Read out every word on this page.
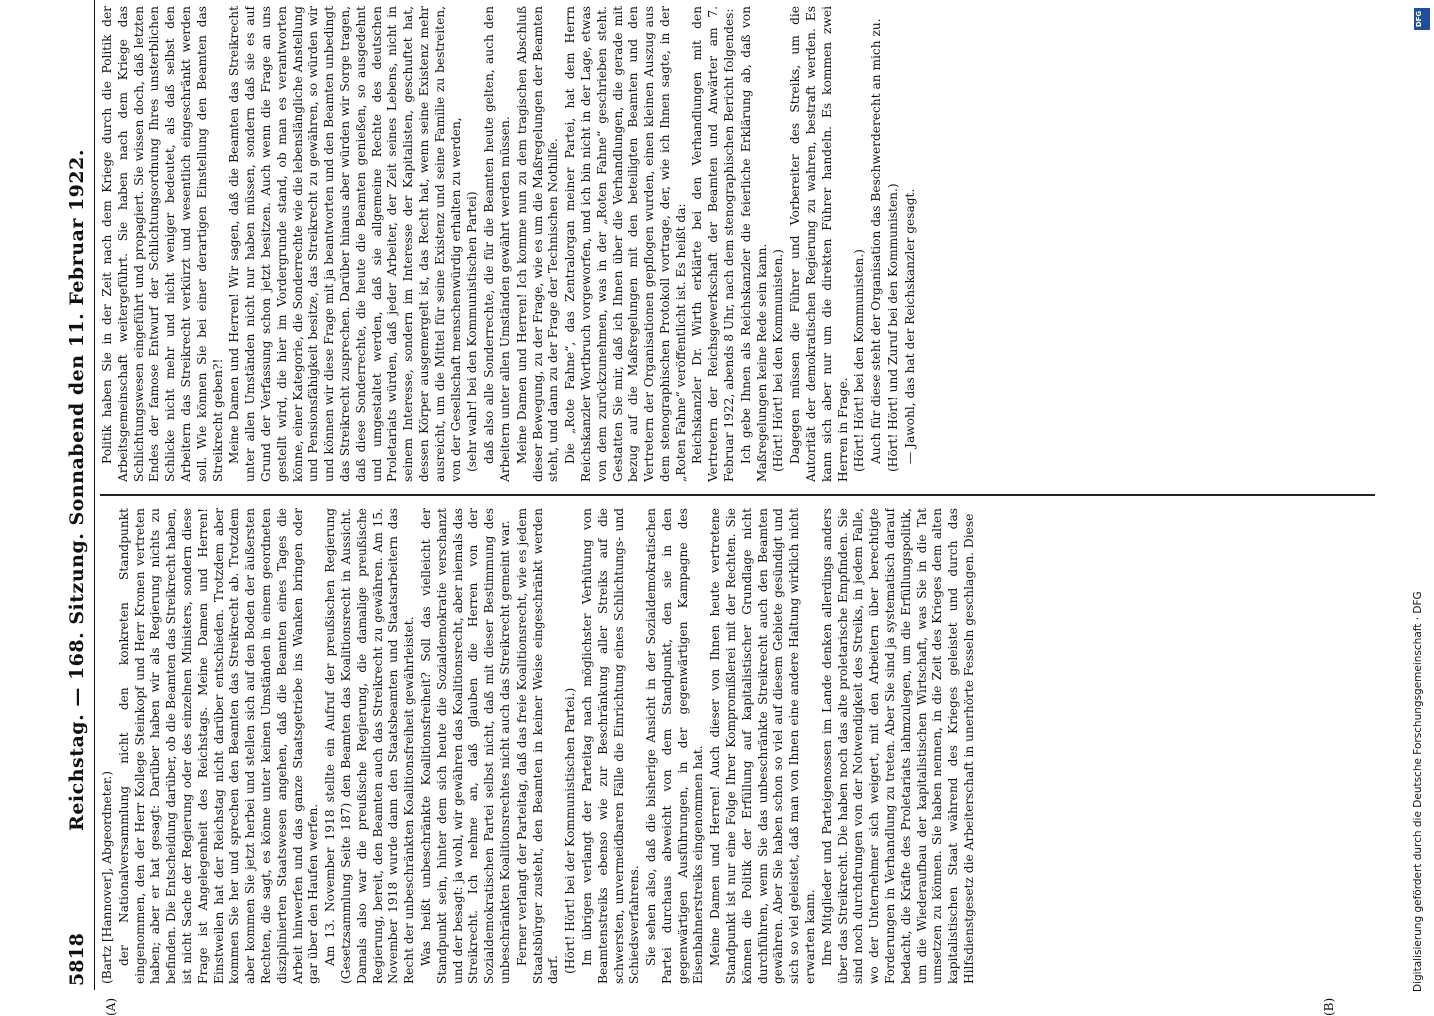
5818
Reichstag. — 168. Sitzung. Sonnabend den 11. Februar 1922.
(A)	(B)

(Bartz [Hannover], Abgeordneter.) der Nationalversammlung nicht den konkreten Standpunkt eingenommen, den der Herr Kollege Steinkopf und Herr Kronen vertreten haben; aber er hat gesagt: Darüber haben wir als Regierung nichts zu befinden. Die Entscheidung darüber, ob die Beamten das Streikrecht haben, ist nicht Sache der Regierung oder des einzelnen Ministers, sondern diese Frage ist Angelegenheit des Reichstags. Meine Damen und Herren! Einstweilen hat der Reichstag nicht darüber entschieden. Trotzdem aber kommen Sie her und sprechen den Beamten das Streikrecht ab. Trotzdem aber kommen Sie jetzt herbei und stellen sich auf den Boden der äußersten Rechten, die sagt, es könne unter keinen Umständen in einem geordneten disziplinierten Staatswesen angehen, daß die Beamten eines Tages die Arbeit hinwerfen und das ganze Staatsgetriebe ins Wanken bringen oder gar über den Haufen werfen. Am 13. November 1918 stellte ein Aufruf der preußischen Regierung (Gesetzsammlung Seite 187) den Beamten das Koalitionsrecht in Aussicht. Damals also war die preußische Regierung, die damalige preußische Regierung, bereit, den Beamten auch das Streikrecht zu gewähren. Am 15. November 1918 wurde dann den Staatsbeamten und Staatsarbeitern das Recht der unbeschränkten Koalitionsfreiheit gewährleistet. Was heißt unbeschränkte Koalitionsfreiheit? Soll das vielleicht der Standpunkt sein, hinter dem sich heute die Sozialdemokratie verschanzt und der besagt: ja wohl, wir gewähren das Koalitionsrecht, aber niemals das Streikrecht. Ich nehme an, daß glauben die Herren von der Sozialdemokratischen Partei selbst nicht, daß mit dieser Bestimmung des unbeschränkten Koalitionsrechtes nicht auch das Streikrecht gemeint war. Ferner verlangt der Parteitag, daß das freie Koalitionsrecht, wie es jedem Staatsbürger zusteht, den Beamten in keiner Weise eingeschränkt werden darf. (Hört! Hört! bei der Kommunistischen Partei.) Im übrigen verlangt der Parteitag nach möglichster Verhütung von Beamtenstreiks ebenso wie zur Beschränkung aller Streiks auf die schwersten, unvermeidbaren Fälle die Einrichtung eines Schlichtungs- und Schiedsverfahrens. Sie sehen also, daß die bisherige Ansicht in der Sozialdemokratischen Partei durchaus abweicht von dem Standpunkt, den sie in den gegenwärtigen Ausführungen, in der gegenwärtigen Kampagne des Eisenbahnerstreiks eingenommen hat. Meine Damen und Herren! Auch dieser von Ihnen heute vertretene Standpunkt ist nur eine Folge Ihrer Kompromißlerei mit der Rechten. Sie können die Politik der Erfüllung auf kapitalistischer Grundlage nicht durchführen, wenn Sie das unbeschränkte Streikrecht auch den Beamten gewähren. Aber Sie haben schon so viel auf diesem Gebiete gesündigt und sich so viel geleistet, daß man von Ihnen eine andere Haltung wirklich nicht erwarten kann. Ihre Mitglieder und Parteigenossen im Lande denken allerdings anders über das Streikrecht. Die haben noch das alte proletarische Empfinden. Sie sind noch durchdrungen von der Notwendigkeit des Streiks, in jedem Falle, wo der Unternehmer sich weigert, mit den Arbeitern über berechtigte Forderungen in Verhandlung zu treten. Aber Sie sind ja systematisch darauf bedacht, die Kräfte des Proletariats lahmzulegen, um die Erfüllungspolitik, um die Wiederaufbau der kapitalistischen Wirtschaft, was Sie in die Tat umsetzen zu können. Sie haben nennen, in die Zeit des Krieges dem alten kapitalistischen Staat während des Krieges geleistet und durch das Hilfsdienstgesetz die Arbeiterschaft in unerhörte Fesseln geschlagen. Diese

Politik haben Sie in der Zeit nach dem Kriege durch die Politik der Arbeitsgemeinschaft weitergeführt. Sie haben nach dem Kriege das Schlichtungswesen eingeführt und propagiert. Sie wissen doch, daß letzten Endes der famose Entwurf der Schlichtungsordnung Ihres unsterblichen Schlicke nicht mehr und nicht weniger bedeutet, als daß selbst den Arbeitern das Streikrecht verkürzt und wesentlich eingeschränkt werden soll. Wie können Sie bei einer derartigen Einstellung den Beamten das Streikrecht geben?! Meine Damen und Herren! Wir sagen, daß die Beamten das Streikrecht unter allen Umständen nicht nur haben müssen, sondern daß sie es auf Grund der Verfassung schon jetzt besitzen. Auch wenn die Frage an uns gestellt wird, die hier im Vordergrunde stand, ob man es verantworten könne, einer Kategorie, die Sonderrechte wie die lebenslängliche Anstellung und Pensionsfähigkeit besitze, das Streikrecht zu gewähren, so würden wir und können wir diese Frage mit ja beantworten und den Beamten unbedingt das Streikrecht zusprechen. Darüber hinaus aber würden wir Sorge tragen, daß diese Sonderrechte, die heute die Beamten genießen, so ausgedehnt und umgestaltet werden, daß sie allgemeine Rechte des deutschen Proletariats würden, daß jeder Arbeiter, der Zeit seines Lebens, nicht in seinem Interesse, sondern im Interesse der Kapitalisten, geschuftet hat, dessen Körper ausgemergelt ist, das Recht hat, wenn seine Existenz mehr ausreicht, um die Mittel für seine Existenz und seine Familie zu bestreiten, von der Gesellschaft menschenwürdig erhalten zu werden, (sehr wahr! bei den Kommunistischen Partei) daß also alle Sonderrechte, die für die Beamten heute gelten, auch den Arbeitern unter allen Umständen gewährt werden müssen. Meine Damen und Herren! Ich komme nun zu dem tragischen Abschluß dieser Bewegung, zu der Frage, wie es um die Maßregelungen der Beamten steht, und dann zu der Frage der Technischen Nothilfe. Die „Rote Fahne“, das Zentralorgan meiner Partei, hat dem Herrn Reichskanzler Wortbruch vorgeworfen, und ich bin nicht in der Lage, etwas von dem zurückzunehmen, was in der „Roten Fahne“ geschrieben steht. Gestatten Sie mir, daß ich Ihnen über die Verhandlungen, die gerade mit bezug auf die Maßregelungen mit den beteiligten Beamten und den Vertretern der Organisationen gepflogen wurden, einen kleinen Auszug aus dem stenographischen Protokoll vortrage, der, wie ich Ihnen sagte, in der „Roten Fahne“ veröffentlicht ist. Es heißt da: Reichskanzler Dr. Wirth erklärte bei den Verhandlungen mit den Vertretern der Reichsgewerkschaft der Beamten und Anwärter am 7. Februar 1922, abends 8 Uhr, nach dem stenographischen Bericht folgendes: Ich gebe Ihnen als Reichskanzler die feierliche Erklärung ab, daß von Maßregelungen keine Rede sein kann. (Hört! Hört! bei den Kommunisten.) Dagegen müssen die Führer und Vorbereiter des Streiks, um die Autorität der demokratischen Regierung zu wahren, bestraft werden. Es kann sich aber nur um die direkten Führer handeln. Es kommen zwei Herren in Frage. (Hört! Hört! bei den Kommunisten.) Auch für diese steht der Organisation das Beschwerderecht an mich zu. (Hört! Hört! und Zuruf bei den Kommunisten.) — Jawohl, das hat der Reichskanzler gesagt.

Digitalisierung gefördert durch die Deutsche Forschungsgemeinschaft · DFG
DFG
